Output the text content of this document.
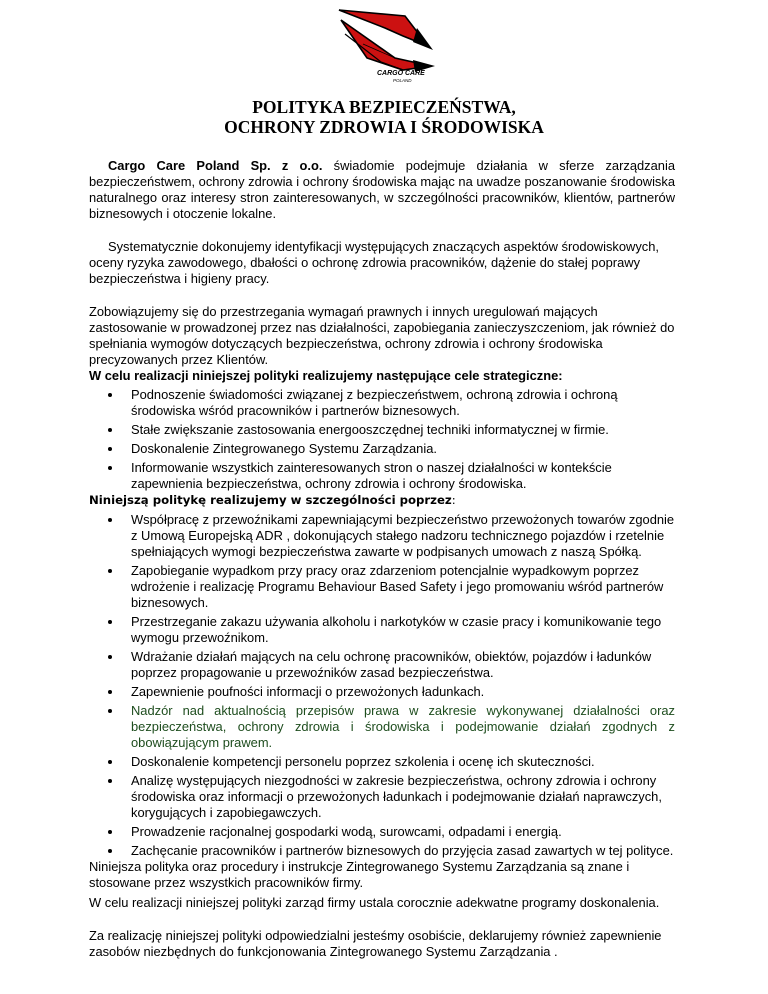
CARGO CARE
POLAND
POLITYKA BEZPIECZEŃSTWA,
OCHRONY ZDROWIA I ŚRODOWISKA

Cargo Care Poland Sp. z o.o. świadomie podejmuje działania w sferze zarządzania bezpieczeństwem, ochrony zdrowia i ochrony środowiska mając na uwadze poszanowanie środowiska naturalnego oraz interesy stron zainteresowanych, w szczególności pracowników, klientów, partnerów biznesowych i otoczenie lokalne.

Systematycznie dokonujemy identyfikacji występujących znaczących aspektów środowiskowych, oceny ryzyka zawodowego, dbałości o ochronę zdrowia pracowników, dążenie do stałej poprawy bezpieczeństwa i higieny pracy.

Zobowiązujemy się do przestrzegania wymagań prawnych i innych uregulowań mających zastosowanie w prowadzonej przez nas działalności, zapobiegania zanieczyszczeniom, jak również do spełniania wymogów dotyczących bezpieczeństwa, ochrony zdrowia i ochrony środowiska precyzowanych przez Klientów.

W celu realizacji niniejszej polityki realizujemy następujące cele strategiczne:

Podnoszenie świadomości związanej z bezpieczeństwem, ochroną zdrowia i ochroną środowiska wśród pracowników i partnerów biznesowych.
Stałe zwiększanie zastosowania energooszczędnej techniki informatycznej w firmie.
Doskonalenie Zintegrowanego Systemu Zarządzania.
Informowanie wszystkich zainteresowanych stron o naszej działalności w kontekście zapewnienia bezpieczeństwa, ochrony zdrowia i ochrony środowiska.

Niniejszą politykę realizujemy w szczególności poprzez:

Współpracę z przewoźnikami zapewniającymi bezpieczeństwo przewożonych towarów zgodnie z Umową Europejską ADR , dokonujących stałego nadzoru technicznego pojazdów i rzetelnie spełniających wymogi bezpieczeństwa zawarte w podpisanych umowach z naszą Spółką.
Zapobieganie wypadkom przy pracy oraz zdarzeniom potencjalnie wypadkowym poprzez wdrożenie i realizację Programu Behaviour Based Safety i jego promowaniu wśród partnerów biznesowych.
Przestrzeganie zakazu używania alkoholu i narkotyków w czasie pracy i komunikowanie tego wymogu przewoźnikom.
Wdrażanie działań mających na celu ochronę pracowników, obiektów, pojazdów i ładunków poprzez propagowanie u przewoźników zasad bezpieczeństwa.
Zapewnienie poufności informacji o przewożonych ładunkach.
Nadzór nad aktualnością przepisów prawa w zakresie wykonywanej działalności oraz bezpieczeństwa, ochrony zdrowia i środowiska i podejmowanie działań zgodnych z obowiązującym prawem.
Doskonalenie kompetencji personelu poprzez szkolenia i ocenę ich skuteczności.
Analizę występujących niezgodności w zakresie bezpieczeństwa, ochrony zdrowia i ochrony środowiska oraz informacji o przewożonych ładunkach i podejmowanie działań naprawczych, korygujących i zapobiegawczych.
Prowadzenie racjonalnej gospodarki wodą, surowcami, odpadami i energią.
Zachęcanie pracowników i partnerów biznesowych do przyjęcia zasad zawartych w tej polityce.

Niniejsza polityka oraz procedury i instrukcje Zintegrowanego Systemu Zarządzania są znane i stosowane przez wszystkich pracowników firmy.

W celu realizacji niniejszej polityki zarząd firmy ustala corocznie adekwatne programy doskonalenia.

Za realizację niniejszej polityki odpowiedzialni jesteśmy osobiście, deklarujemy również zapewnienie zasobów niezbędnych do funkcjonowania Zintegrowanego Systemu Zarządzania .
